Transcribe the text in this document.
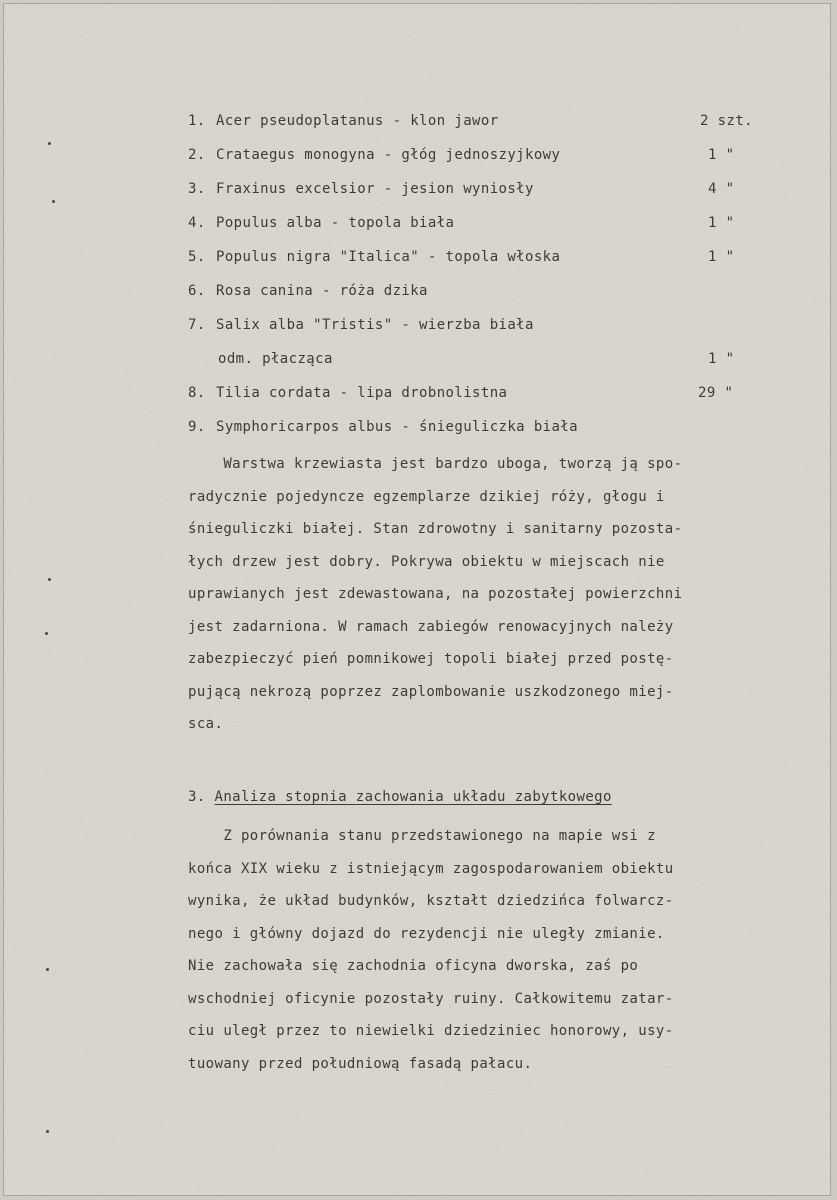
1. Acer pseudoplatanus - klon jawor	2 szt.
2. Crataegus monogyna - głóg jednoszyjkowy	1 "
3. Fraxinus excelsior - jesion wyniosły	4 "
4. Populus alba - topola biała	1 "
5. Populus nigra "Italica" - topola włoska	1 "
6. Rosa canina - róża dzika
7. Salix alba "Tristis" - wierzba biała
odm. płacząca	1 "
8. Tilia cordata - lipa drobnolistna	29 "
9. Symphoricarpos albus - śnieguliczka biała
Warstwa krzewiasta jest bardzo uboga, tworzą ją spo-
radycznie pojedyncze egzemplarze dzikiej róży, głogu i
śnieguliczki białej. Stan zdrowotny i sanitarny pozosta-
łych drzew jest dobry. Pokrywa obiektu w miejscach nie
uprawianych jest zdewastowana, na pozostałej powierzchni
jest zadarniona. W ramach zabiegów renowacyjnych należy
zabezpieczyć pień pomnikowej topoli białej przed postę-
pującą nekrozą poprzez zaplombowanie uszkodzonego miej-
sca.
3. Analiza stopnia zachowania układu zabytkowego
Z porównania stanu przedstawionego na mapie wsi z
końca XIX wieku z istniejącym zagospodarowaniem obiektu
wynika, że układ budynków, kształt dziedzińca folwarcz-
nego i główny dojazd do rezydencji nie uległy zmianie.
Nie zachowała się zachodnia oficyna dworska, zaś po
wschodniej oficynie pozostały ruiny. Całkowitemu zatar-
ciu uległ przez to niewielki dziedziniec honorowy, usy-
tuowany przed południową fasadą pałacu.
